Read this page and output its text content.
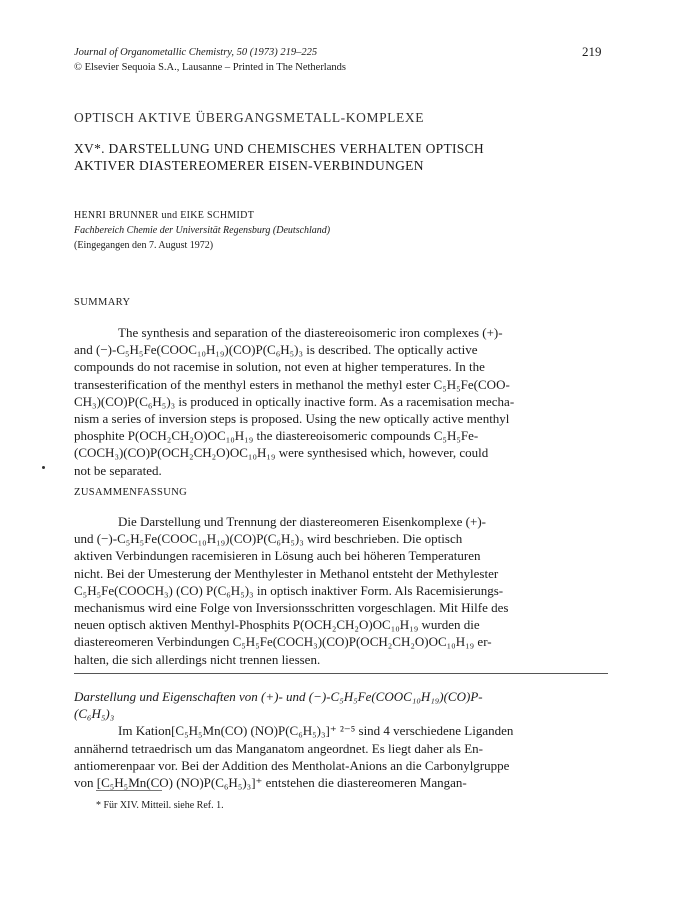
Journal of Organometallic Chemistry, 50 (1973) 219–225
© Elsevier Sequoia S.A., Lausanne – Printed in The Netherlands
219
OPTISCH AKTIVE ÜBERGANGSMETALL-KOMPLEXE
XV*. DARSTELLUNG UND CHEMISCHES VERHALTEN OPTISCH
AKTIVER DIASTEREOMERER EISEN-VERBINDUNGEN
HENRI BRUNNER und EIKE SCHMIDT
Fachbereich Chemie der Universität Regensburg (Deutschland)
(Eingegangen den 7. August 1972)
SUMMARY
The synthesis and separation of the diastereoisomeric iron complexes (+)-
and (−)-C₅H₅Fe(COOC₁₀H₁₉)(CO)P(C₆H₅)₃ is described. The optically active
compounds do not racemise in solution, not even at higher temperatures. In the
transesterification of the menthyl esters in methanol the methyl ester C₅H₅Fe(COO-
CH₃)(CO)P(C₆H₅)₃ is produced in optically inactive form. As a racemisation mecha-
nism a series of inversion steps is proposed. Using the new optically active menthyl
phosphite P(OCH₂CH₂O)OC₁₀H₁₉ the diastereoisomeric compounds C₅H₅Fe-
(COCH₃)(CO)P(OCH₂CH₂O)OC₁₀H₁₉ were synthesised which, however, could
not be separated.
ZUSAMMENFASSUNG
Die Darstellung und Trennung der diastereomeren Eisenkomplexe (+)-
und (−)-C₅H₅Fe(COOC₁₀H₁₉)(CO)P(C₆H₅)₃ wird beschrieben. Die optisch
aktiven Verbindungen racemisieren in Lösung auch bei höheren Temperaturen
nicht. Bei der Umesterung der Menthylester in Methanol entsteht der Methylester
C₅H₅Fe(COOCH₃) (CO) P(C₆H₅)₃ in optisch inaktiver Form. Als Racemisierungs-
mechanismus wird eine Folge von Inversionsschritten vorgeschlagen. Mit Hilfe des
neuen optisch aktiven Menthyl-Phosphits P(OCH₂CH₂O)OC₁₀H₁₉ wurden die
diastereomeren Verbindungen C₅H₅Fe(COCH₃)(CO)P(OCH₂CH₂O)OC₁₀H₁₉ er-
halten, die sich allerdings nicht trennen liessen.
Darstellung und Eigenschaften von (+)- und (−)-C₅H₅Fe(COOC₁₀H₁₉)(CO)P-
(C₆H₅)₃
Im Kation[C₅H₅Mn(CO) (NO)P(C₆H₅)₃]⁺ ²⁻⁵ sind 4 verschiedene Liganden
annähernd tetraedrisch um das Manganatom angeordnet. Es liegt daher als En-
antiomerenpaar vor. Bei der Addition des Mentholat-Anions an die Carbonylgruppe
von [C₅H₅Mn(CO) (NO)P(C₆H₅)₃]⁺ entstehen die diastereomeren Mangan-
* Für XIV. Mitteil. siehe Ref. 1.
